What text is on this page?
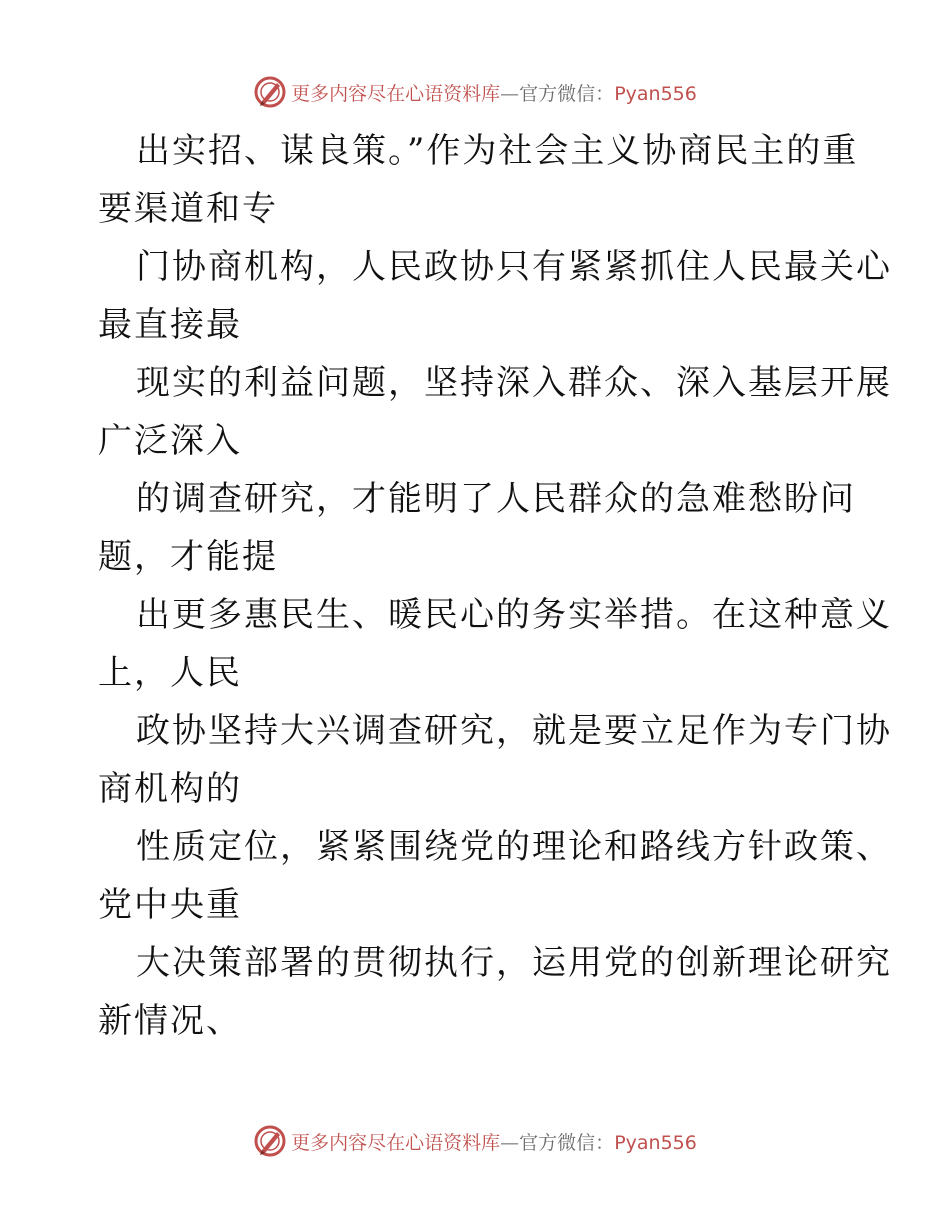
更多内容尽在心语资料库—官方微信：Pyan556
出实招、谋良策。”作为社会主义协商民主的重
要渠道和专
门协商机构，人民政协只有紧紧抓住人民最关心
最直接最
现实的利益问题，坚持深入群众、深入基层开展
广泛深入
的调查研究，才能明了人民群众的急难愁盼问
题，才能提
出更多惠民生、暖民心的务实举措。在这种意义
上，人民
政协坚持大兴调查研究，就是要立足作为专门协
商机构的
性质定位，紧紧围绕党的理论和路线方针政策、
党中央重
大决策部署的贯彻执行，运用党的创新理论研究
新情况、
更多内容尽在心语资料库—官方微信：Pyan556
